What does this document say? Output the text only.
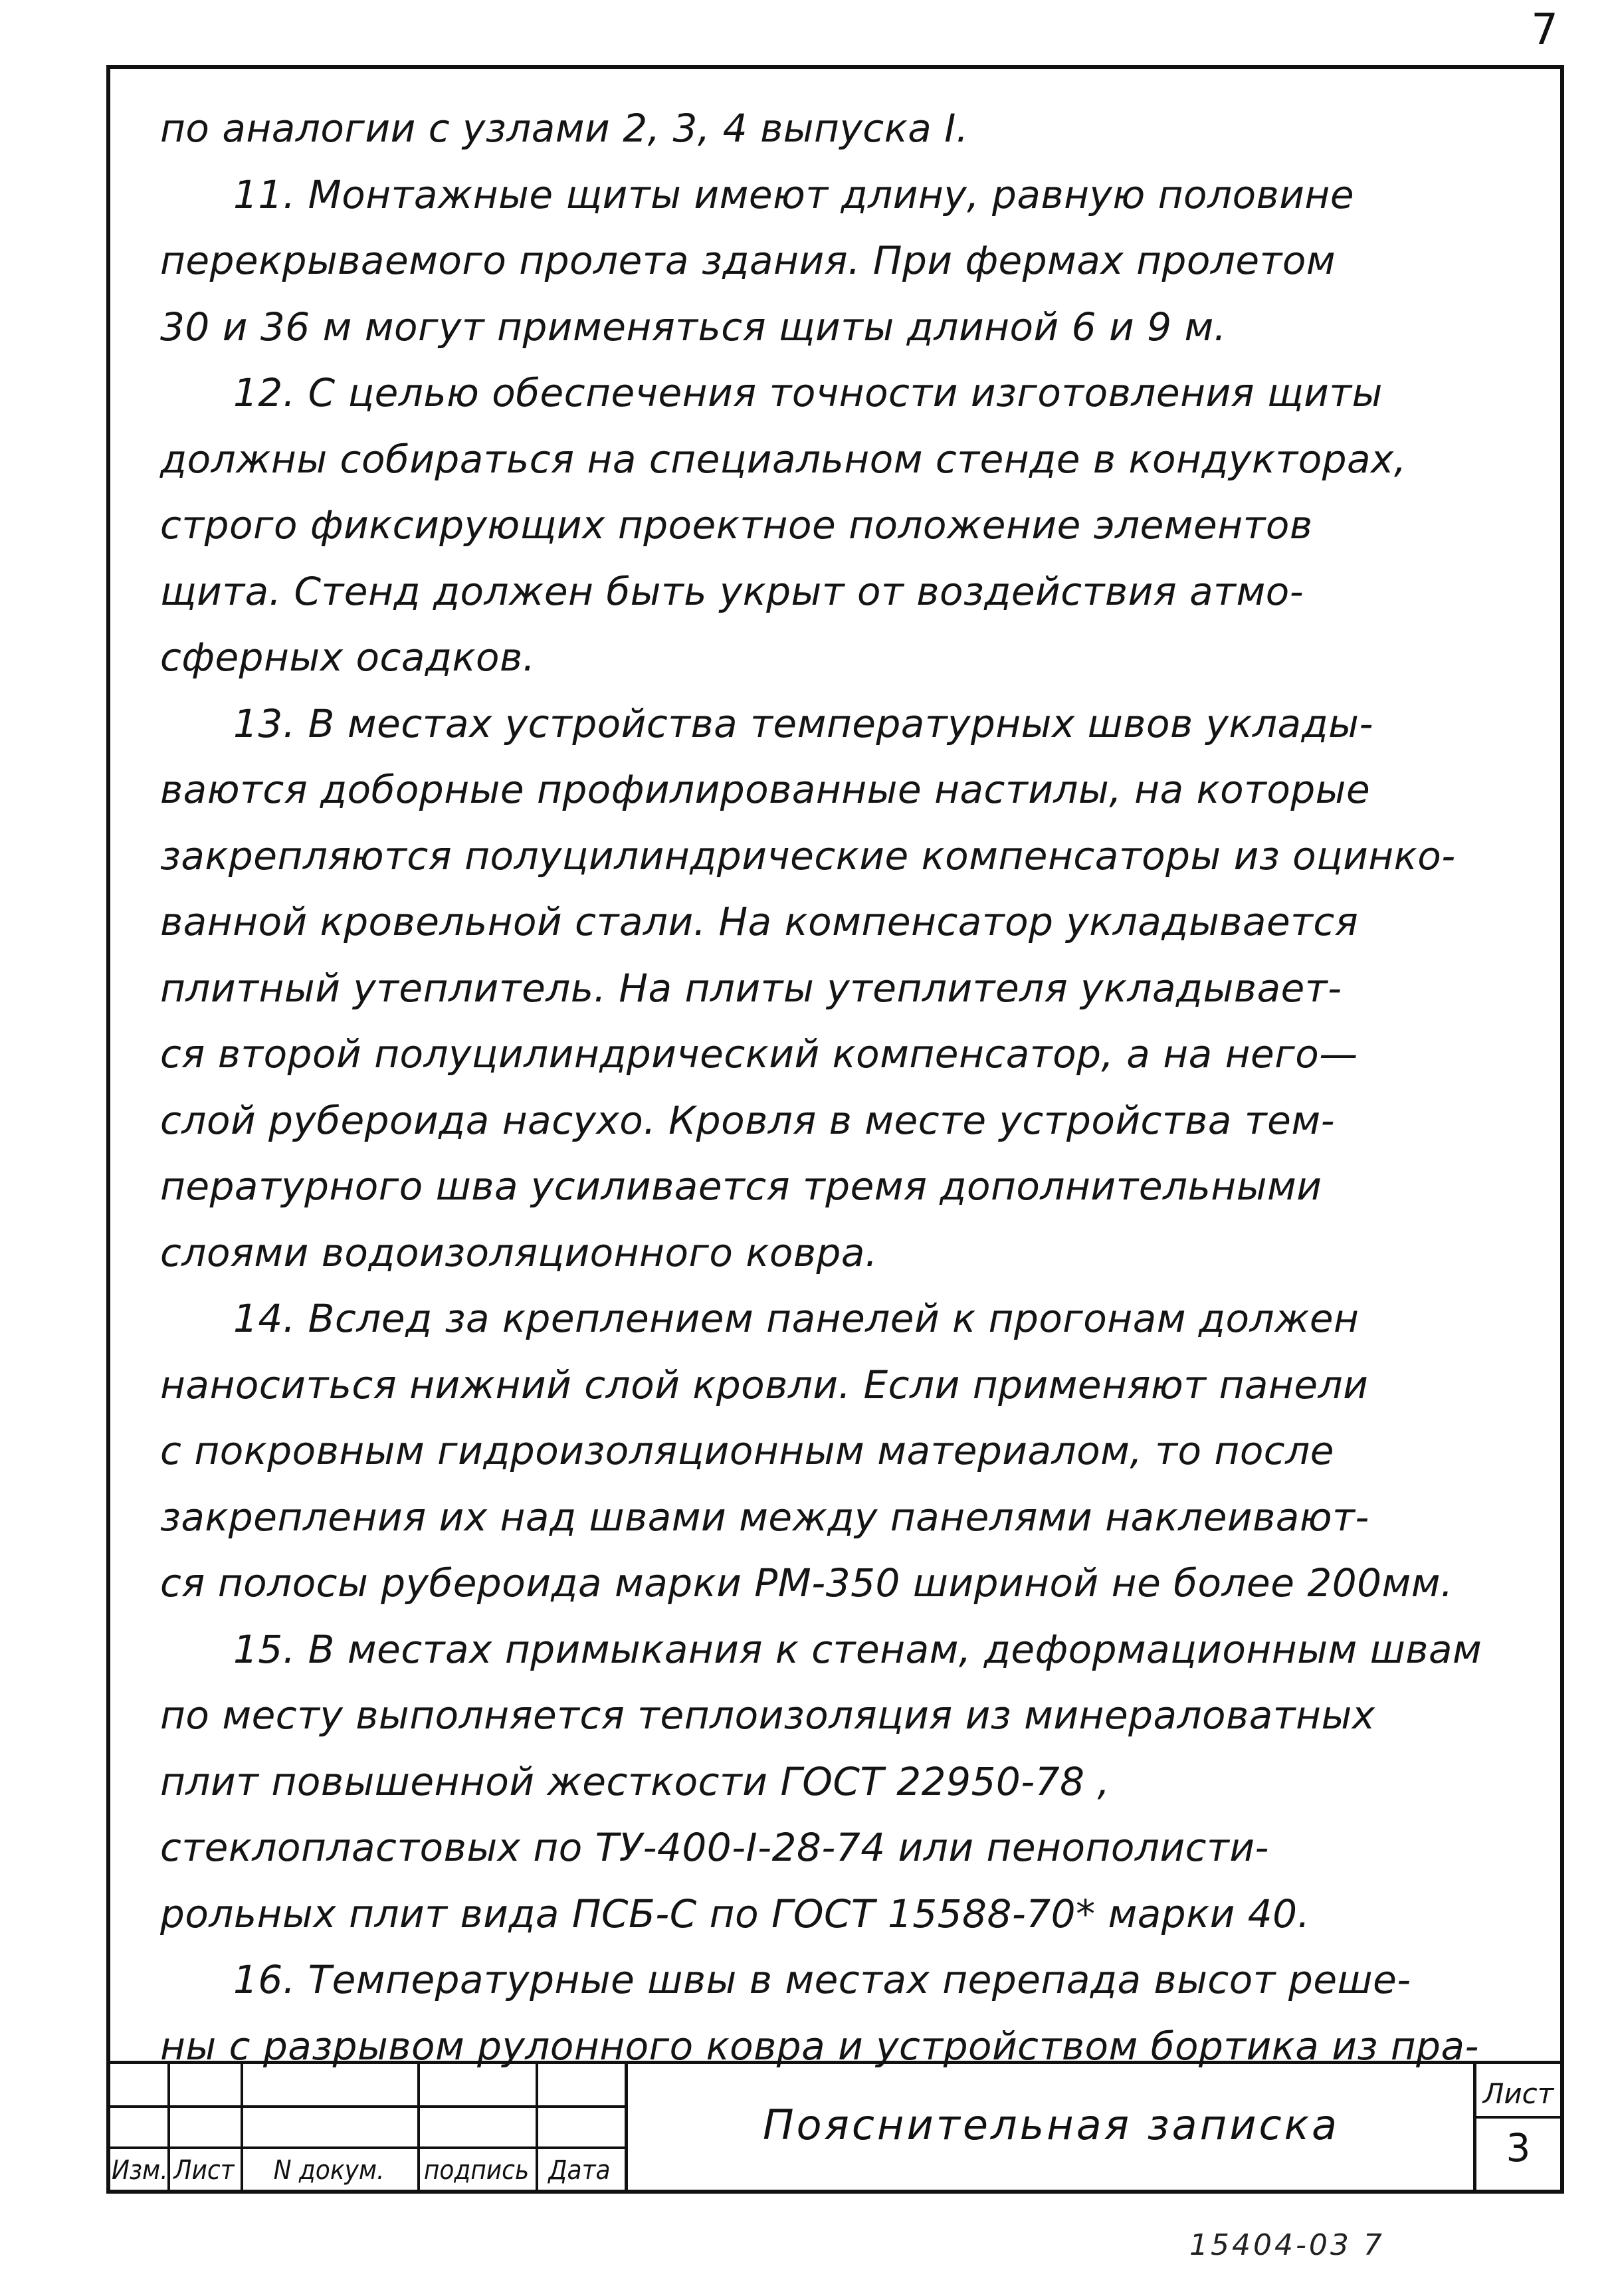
7
по аналогии с узлами 2, 3, 4 выпуска I.
11. Монтажные щиты имеют длину, равную половине
перекрываемого пролета здания. При фермах пролетом
30 и 36 м могут применяться щиты длиной 6 и 9 м.
12. С целью обеспечения точности изготовления щиты
должны собираться на специальном стенде в кондукторах,
строго фиксирующих проектное положение элементов
щита. Стенд должен быть укрыт от воздействия атмо-
сферных осадков.
13. В местах устройства температурных швов уклады-
ваются доборные профилированные настилы, на которые
закрепляются полуцилиндрические компенсаторы из оцинко-
ванной кровельной стали. На компенсатор укладывается
плитный утеплитель. На плиты утеплителя укладывает-
ся второй полуцилиндрический компенсатор, а на него—
слой рубероида насухо. Кровля в месте устройства тем-
пературного шва усиливается тремя дополнительными
слоями водоизоляционного ковра.
14. Вслед за креплением панелей к прогонам должен
наноситься нижний слой кровли. Если применяют панели
с покровным гидроизоляционным материалом, то после
закрепления их над швами между панелями наклеивают-
ся полосы рубероида марки РМ-350 шириной не более 200мм.
15. В местах примыкания к стенам, деформационным швам
по месту выполняется теплоизоляция из минераловатных
плит повышенной жесткости ГОСТ 22950-78 ,
стеклопластовых по ТУ-400-I-28-74 или пенополисти-
рольных плит вида ПСБ-С по ГОСТ 15588-70* марки 40.
16. Температурные швы в местах перепада высот реше-
ны с разрывом рулонного ковра и устройством бортика из пра-
Изм. Лист	N докум.	подпись Дата
Пояснительная записка
Лист
3
15404-03 7
